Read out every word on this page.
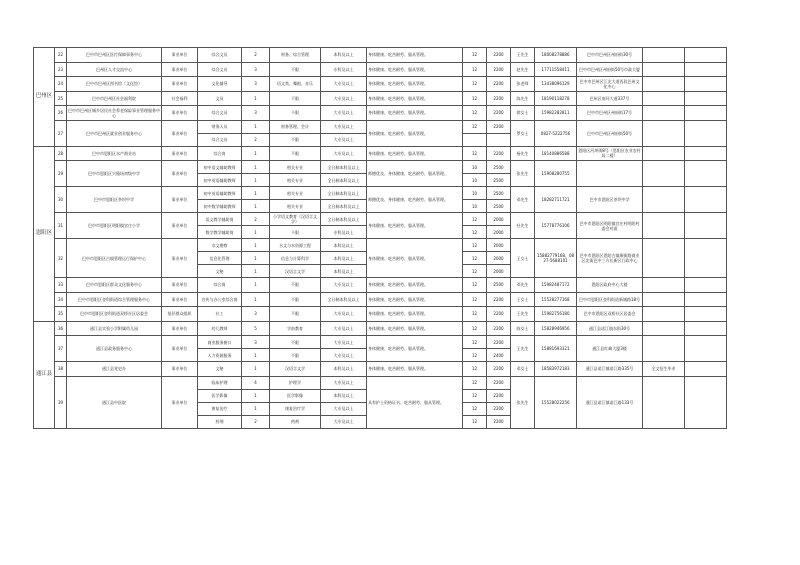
巴州区	22	巴中市巴州区医疗保障事务中心	事业单位	综合文员	2	财务、综合管理	本科及以上	身体健康、吃苦耐劳、服从管理。	12	2200	王先生	18008278886	巴中市巴州区州府街30号		
	23	巴州区人才交流中心	事业单位	综合文员	3	不限	专科及以上	身体健康、吃苦耐劳、服从管理。	12	2200	赵先生	17711558411	巴中市巴州区州府街50号市政大厦		
	24	巴中市巴州区图书馆（文化馆）	事业单位	文化辅导	3	语文类、舞蹈、音乐	大专及以上	身体健康、吃苦耐劳、服从管理。	12	2200	张老师	13438096129	巴中市巴州区江北大道西段巴州文化中心		
	25	巴中市巴州区社会福利院	社会福利	文员	1	不限	大专及以上	身体健康、吃苦耐劳、服从管理。	12	2200	陈先生	18190118278	巴州区南环大道337号		
	26	巴中市巴州区城乡居民社会养老保险事业管理服务中心	事业单位	综合文员	3	不限	大专及以上	身体健康、吃苦耐劳、服从管理。	12	2200	徐女士	15982282811	巴中市巴州区州府街17号		
	27	巴中市巴州区就业创业服务中心	事业单位	财务人员	1	财务管理、会计	大专及以上	身体健康、吃苦耐劳、服从管理。	12	2200	罗女士	0827-5222756	巴中市巴州区州府街50号		
				综合文员	2	不限	大专及以上								
恩阳区	28	巴中市恩阳区水产渔业站	事业单位	综合岗	1	不限	大专及以上	身体健康、吃苦耐劳、服从管理。	12	2200	杨先生	18140886588	恩阳区河坝街8号（恩阳区农业农村局二楼）		
	29	巴中市恩阳区兴隆场初级中学	事业单位	初中语文辅助教师	1	相关专业	全日制本科及以上	师德优良、身体健康、吃苦耐劳、服从管理。	10	2500	张先生	15908280755			
				初中英语辅助教师	1	相关专业	全日制本科及以上		10	2500					
	30	巴中市恩阳区茶坝中学	事业单位	初中英语辅助教师	1	相关专业	全日制本科及以上	师德优良、身体健康、吃苦耐劳、服从管理。	10	2500	邓先生	18282711721	巴中市恩阳区茶坝中学		
				初中数学辅助教师	1	相关专业	全日制本科及以上		10	2500					
	31	巴中市恩阳区明阳镇官庄小学	事业单位	语文教学辅助岗	2	小学语文教育（汉语言文学）	全日制本科及以上	身体健康、吃苦耐劳、服从管理。	12	2000	杜先生	15778776106	巴中市恩阳区明阳镇官庄村明阳村委会对面		
				数学教学辅助岗	1	不限	专科及以上		12	2000					
	32	巴中市恩阳区古镇管理运行保护中心	事业单位	水文勘察	1	水文与水资源工程	本科及以上	身体健康、吃苦耐劳、服从管理。	12	2000	王女士	15882779168、0827-5688101	巴中市恩阳区恩阳古镇顺街路商业区北街巴中三方长新区行政中心		
				信息化管理	1	信息与计算科学	本科及以上		12	2000					
				文秘	1	汉语言文学	本科及以上		12	2000					
	33	巴中市恩阳区群众文化服务中心	事业单位	综合岗	1	不限	大专及以上	身体健康、吃苦耐劳、服从管理。	12	2500	邓先生	15982487172	恩阳区政府中心大楼		
	34	巴中市恩阳区登科街道综合管理服务中心	事业单位	宣传与办公室综合岗	1	不限	全日制本科及以上	身体健康、吃苦耐劳、服从管理。	12	2200	王女士	15528277168	巴中市恩阳区登科街道新城路18号		
	35	巴中市恩阳区登科街道双桥社区居委会	基层群众组织	社工	3	不限	大专及以上	身体健康、吃苦耐劳、服从管理。	12	2200	王先生	15982756180	巴中市恩阳区双桥社区居委会		
通江县	36	通江县实验小学附属幼儿园	事业单位	幼儿教师	5	学前教育	大专及以上	身体健康、吃苦耐劳、服从管理。	12	2200	陈女士	15828946956	通江县诺江镇东街30号		
	37	通江县政务服务中心	事业单位	商业服务窗口	3	不限	大专及以上	身体健康、吃苦耐劳、服从管理。	12	2200	王先生	15881693321	通江县红峰大厦3楼		
				人力资源服务	1	不限	大专及以上		12	2400					
	38	通江县党史办	事业单位	文秘	1	汉语言文学	本科及以上	身体健康、吃苦耐劳、服从管理。	12	2200	邓女士	18583972183	通江县诺江镇诺江路335号	全文招生毕业	
	39	通江县中医院	事业单位	临床护理	4	护理学	大专及以上	具有护士资格证书、吃苦耐劳、服从管理。	12	2200	张先生	15528022256	通江县诺江镇诺江路133号		
				医学影像	1	医学影像	本科及以上		12	2200					
				康复治疗	1	康复治疗学	大专及以上		12	2200					
				药剂	2	药剂	大专及以上		12	2200					
